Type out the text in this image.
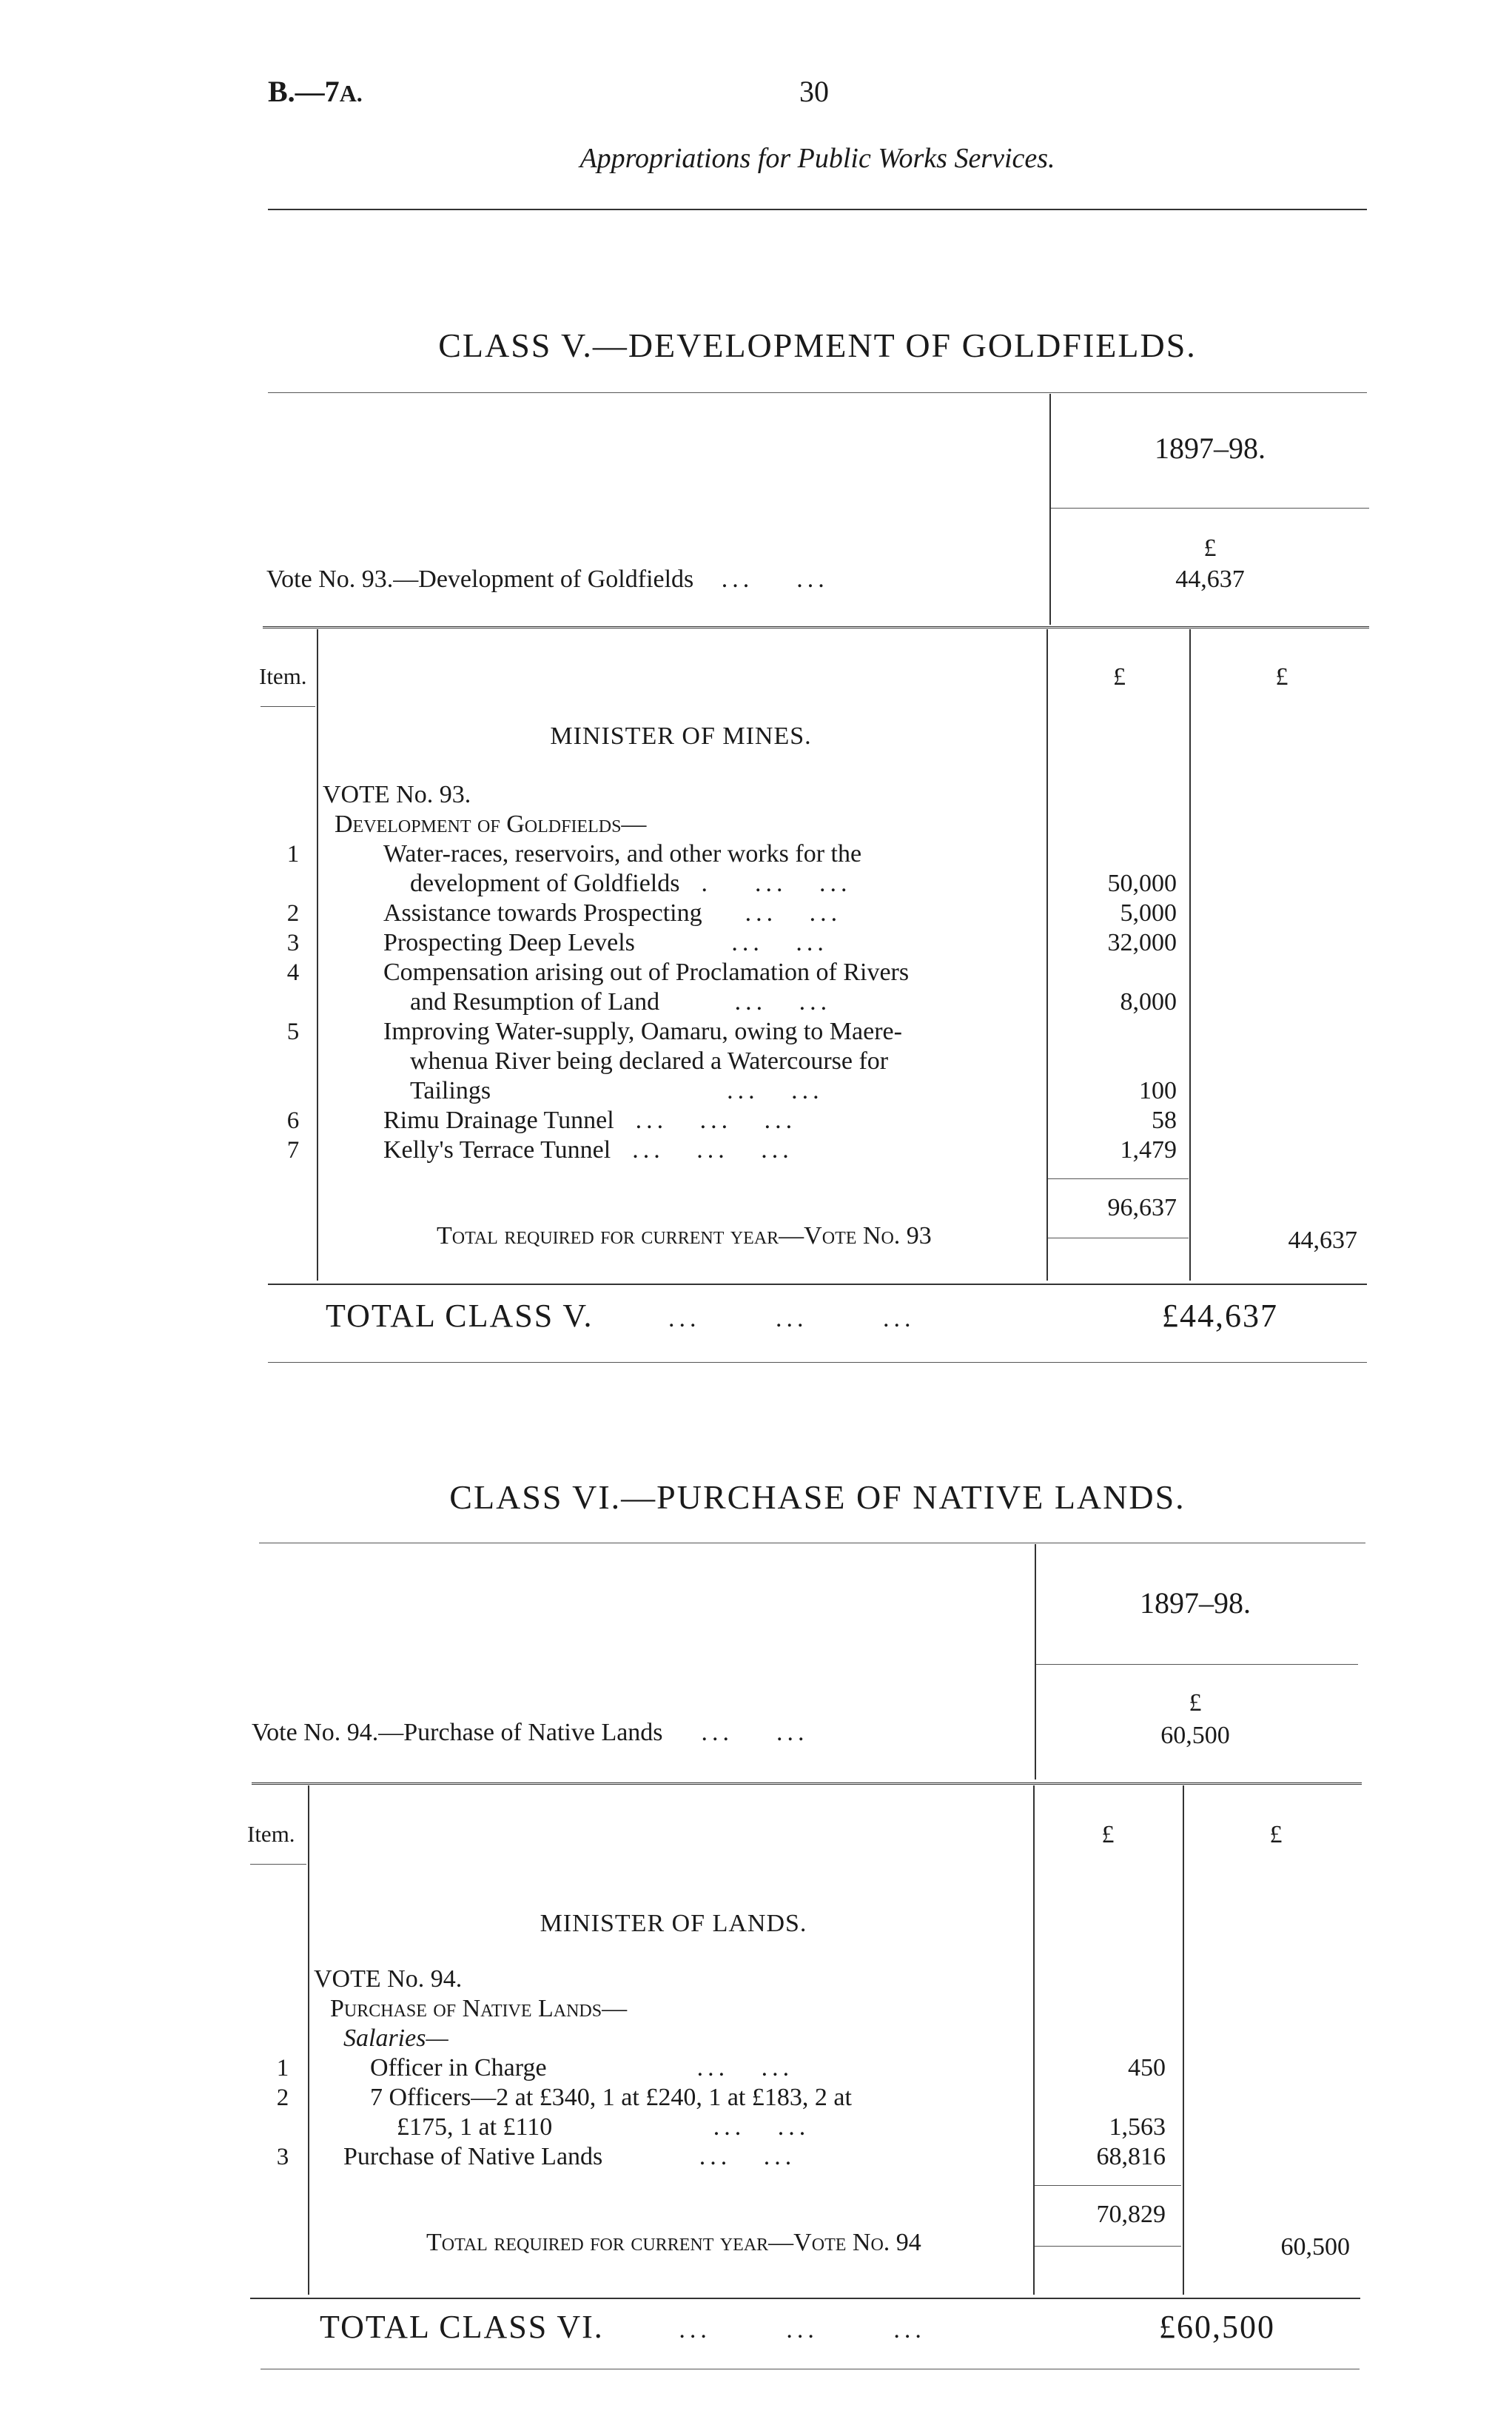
B.—7A.	30
Appropriations for Public Works Services.
CLASS V.—DEVELOPMENT OF GOLDFIELDS.
1897–98.
£
Vote No. 93.—Development of Goldfields   ...    ...	44,637
Item.	£	£
MINISTER OF MINES.
VOTE No. 93.
Development of Goldfields—
1	Water-races, reservoirs, and other works for the
development of Goldfields  .    ...   ...	50,000
2	Assistance towards Prospecting    ...   ...	5,000
3	Prospecting Deep Levels         ...   ...	32,000
4	Compensation arising out of Proclamation of Rivers
and Resumption of Land       ...   ...	8,000
5	Improving Water-supply, Oamaru, owing to Maere-
whenua River being declared a Watercourse for
Tailings                      ...   ...	100
6	Rimu Drainage Tunnel  ...   ...   ...	58
7	Kelly's Terrace Tunnel  ...   ...   ...	1,479
96,637
Total required for current year—Vote No. 93	44,637
TOTAL CLASS V.       ...       ...       ...	£44,637
CLASS VI.—PURCHASE OF NATIVE LANDS.
1897–98.
£
Vote No. 94.—Purchase of Native Lands    ...    ...	60,500
Item.	£	£
MINISTER OF LANDS.
VOTE No. 94.
Purchase of Native Lands—
Salaries—
1	Officer in Charge              ...   ...	450
2	7 Officers—2 at £340, 1 at £240, 1 at £183, 2 at
£175, 1 at £110               ...   ...	1,563
3	Purchase of Native Lands         ...   ...	68,816
70,829
Total required for current year—Vote No. 94	60,500
TOTAL CLASS VI.       ...       ...       ...	£60,500
